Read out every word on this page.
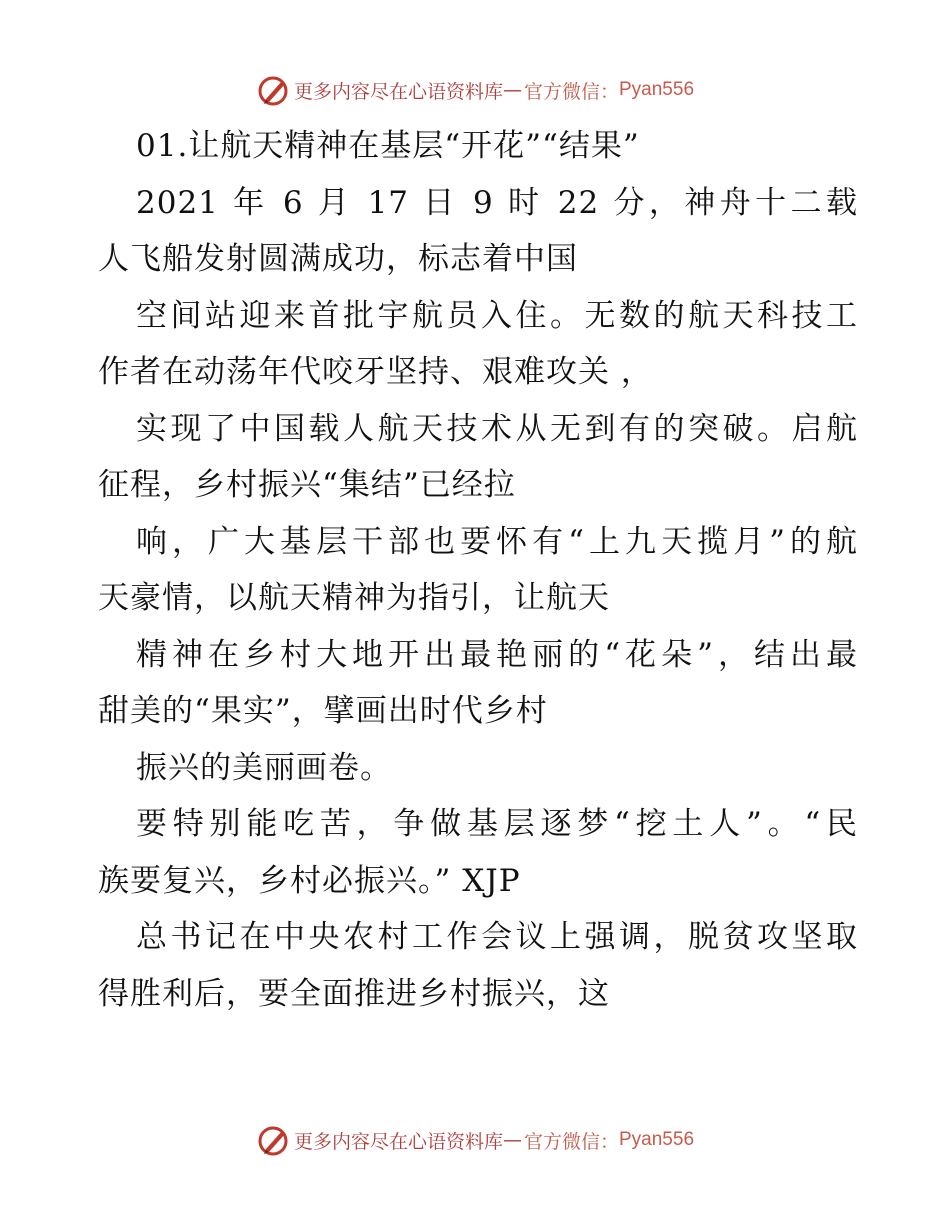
更多内容尽在心语资料库 — 官方微信： Pyan556
01.让航天精神在基层“开花”“结果”
2021 年 6 月 17 日 9 时 22 分，神舟十二载
人飞船发射圆满成功，标志着中国
空间站迎来首批宇航员入住。无数的航天科技工
作者在动荡年代咬牙坚持、艰难攻关 ，
实现了中国载人航天技术从无到有的突破。启航
征程，乡村振兴“集结”已经拉
响，广大基层干部也要怀有“上九天揽月”的航
天豪情，以航天精神为指引，让航天
精神在乡村大地开出最艳丽的“花朵”，结出最
甜美的“果实”，擘画出时代乡村
振兴的美丽画卷。
要特别能吃苦，争做基层逐梦“挖土人”。“民
族要复兴，乡村必振兴。” XJP
总书记在中央农村工作会议上强调，脱贫攻坚取
得胜利后，要全面推进乡村振兴，这
更多内容尽在心语资料库 — 官方微信： Pyan556
